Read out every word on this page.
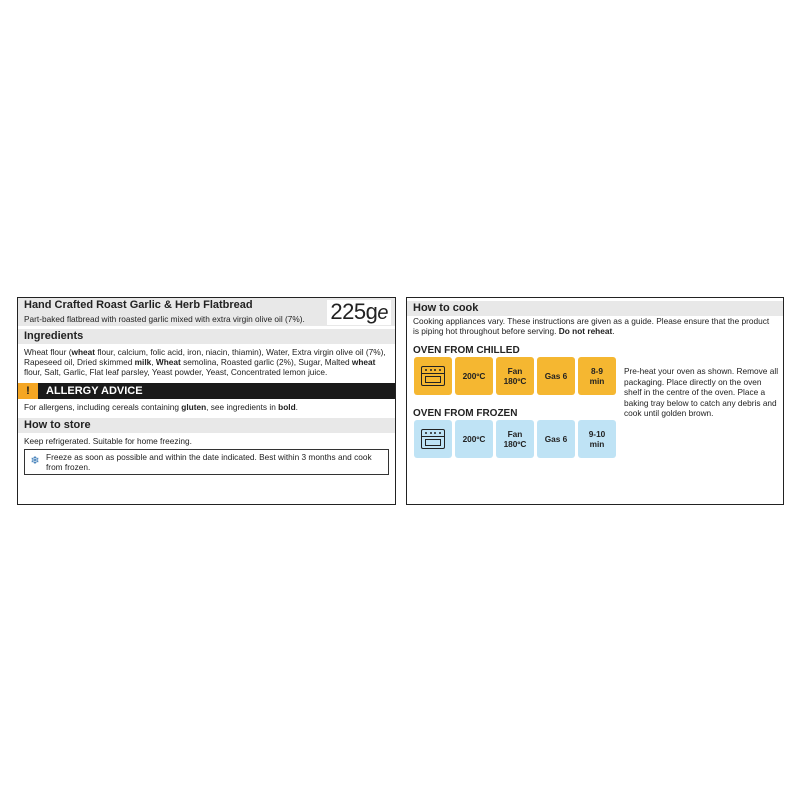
Hand Crafted Roast Garlic & Herb Flatbread
Part-baked flatbread with roasted garlic mixed with extra virgin olive oil (7%). 225ge
Ingredients
Wheat flour (wheat flour, calcium, folic acid, iron, niacin, thiamin), Water, Extra virgin olive oil (7%), Rapeseed oil, Dried skimmed milk, Wheat semolina, Roasted garlic (2%), Sugar, Malted wheat flour, Salt, Garlic, Flat leaf parsley, Yeast powder, Yeast, Concentrated lemon juice.
!	ALLERGY ADVICE
For allergens, including cereals containing gluten, see ingredients in bold.
How to store
Keep refrigerated. Suitable for home freezing.
❄ Freeze as soon as possible and within the date indicated. Best within 3 months and cook from frozen.
How to cook
Cooking appliances vary. These instructions are given as a guide. Please ensure that the product is piping hot throughout before serving. Do not reheat.
OVEN FROM CHILLED
200ºC	Fan
180ºC	Gas 6	8-9
min
OVEN FROM FROZEN
200ºC	Fan
180ºC	Gas 6	9-10
min
Pre-heat your oven as shown. Remove all packaging. Place directly on the oven shelf in the centre of the oven. Place a baking tray below to catch any debris and cook until golden brown.
